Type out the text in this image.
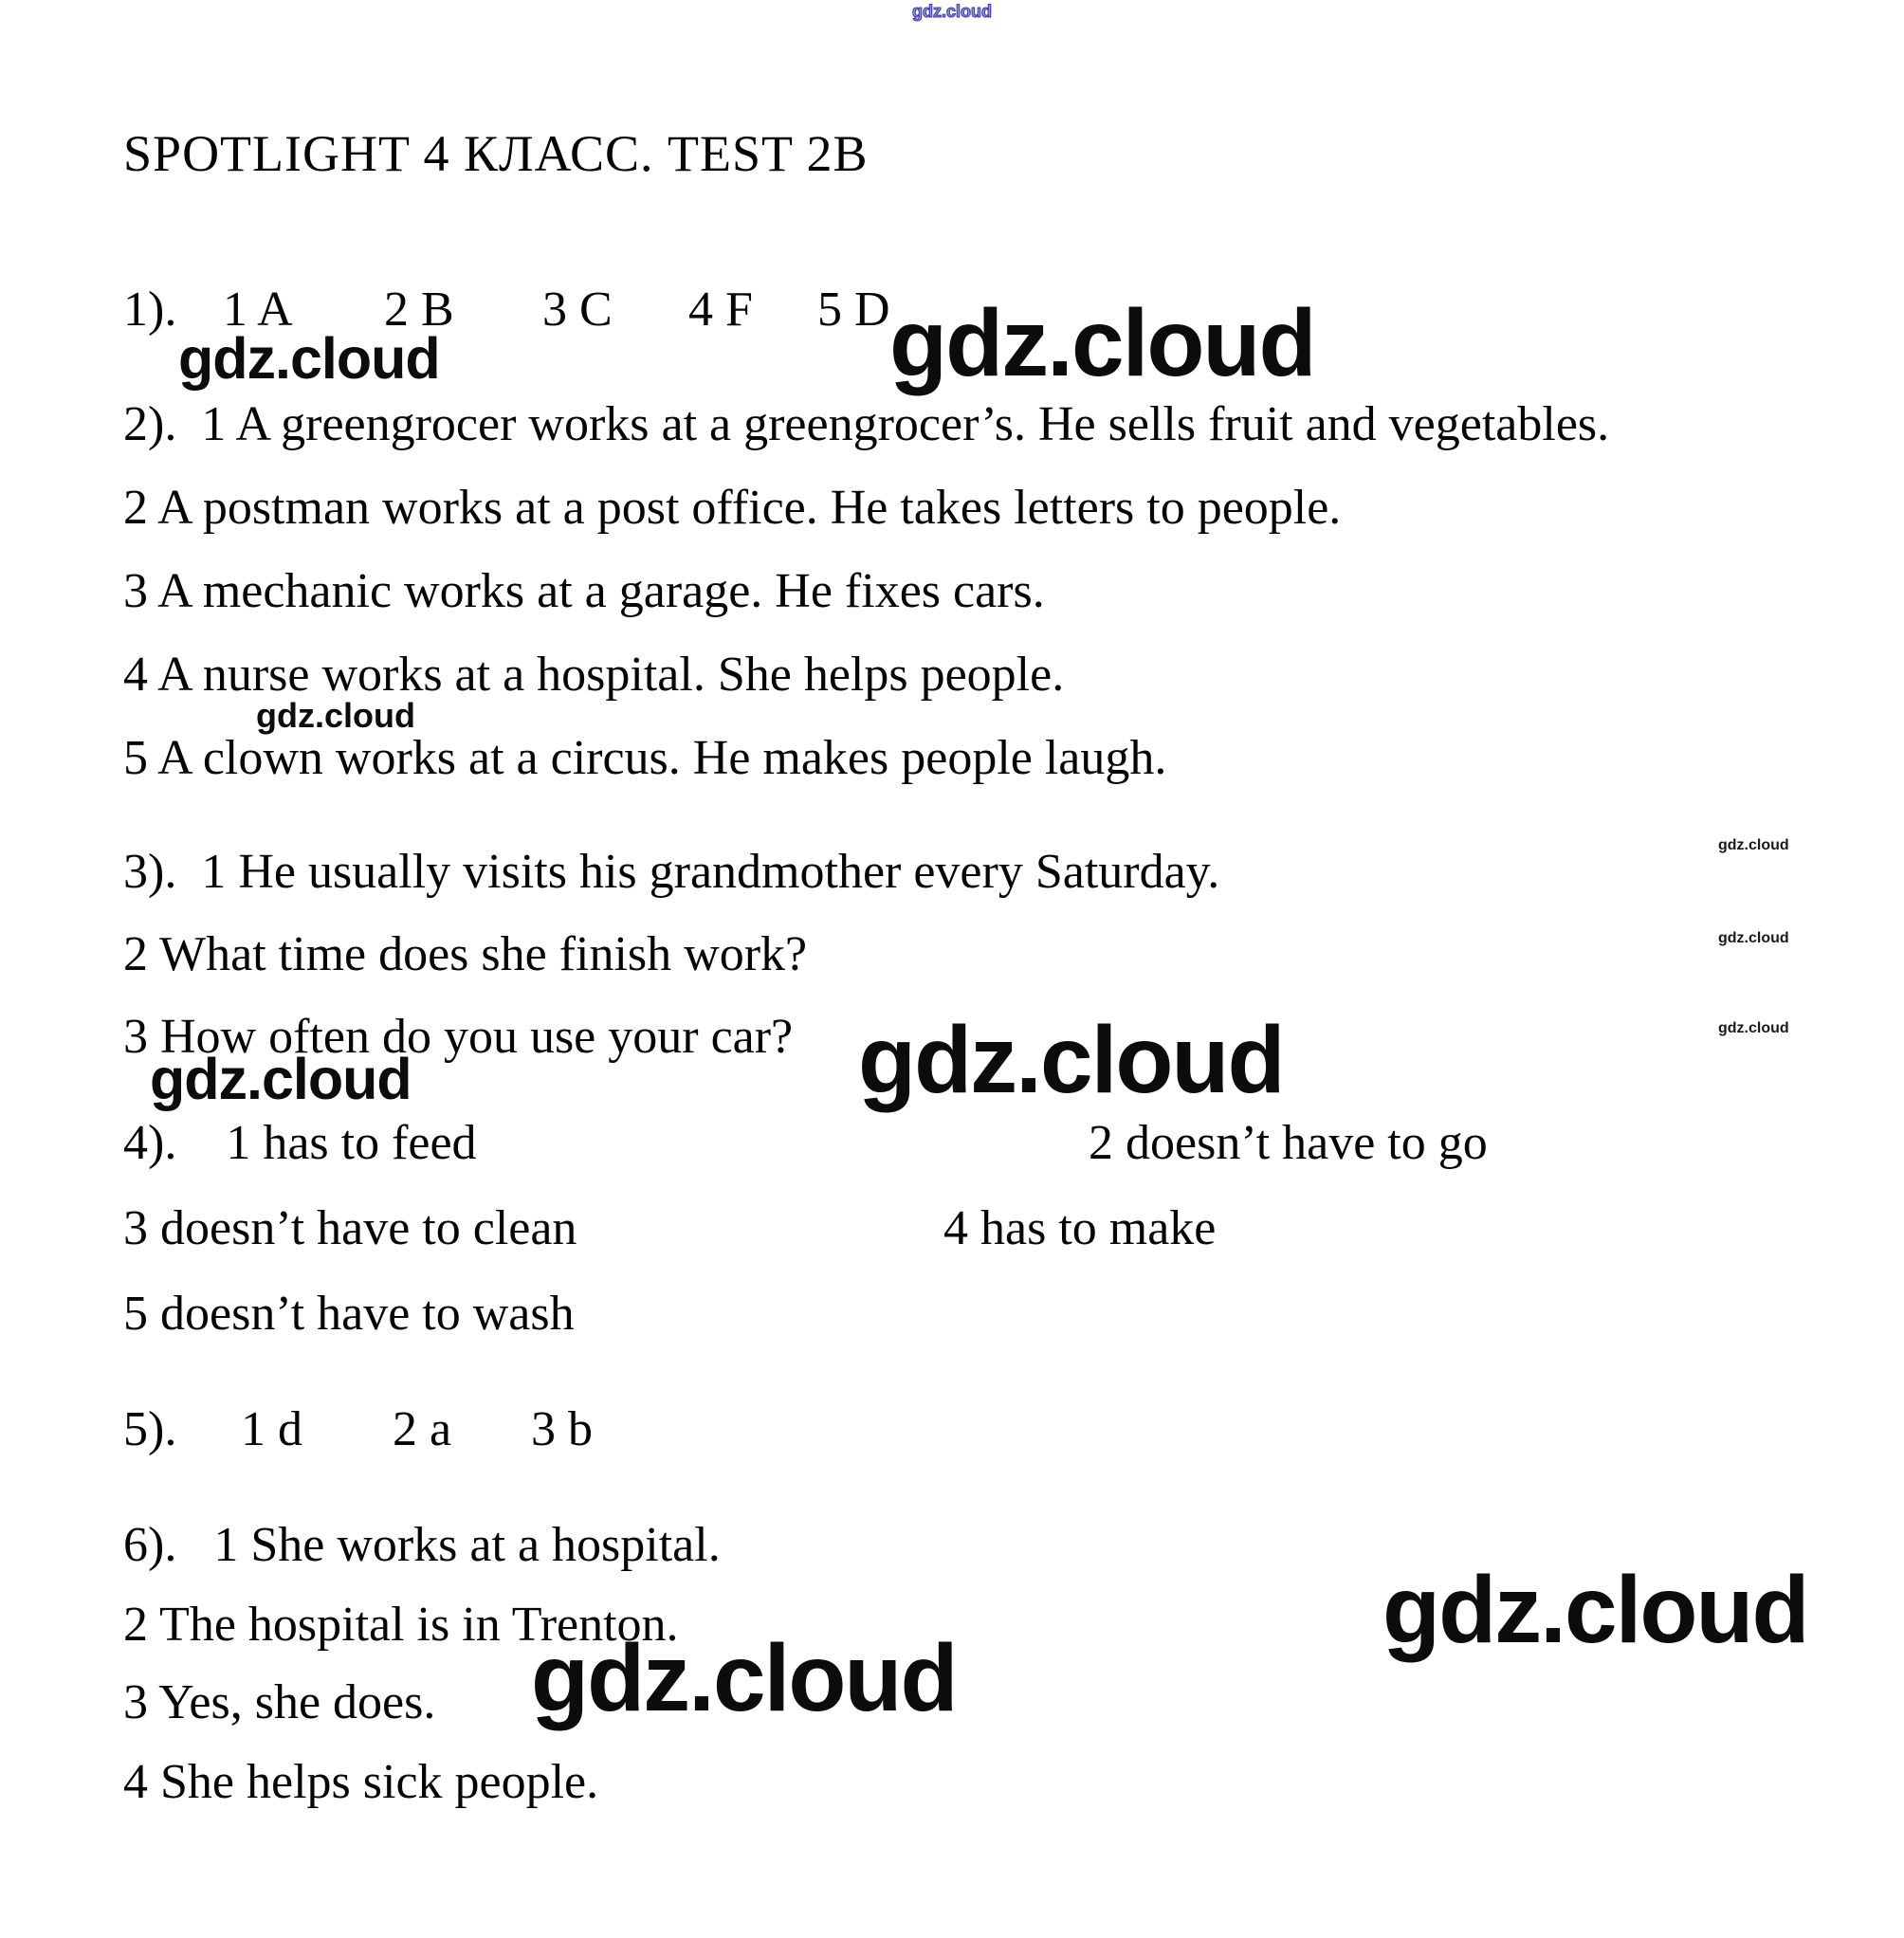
gdz.cloud
SPOTLIGHT 4 КЛАСС. TEST 2B
1). 1 A 2 B 3 C 4 F 5 D
gdz.cloud	gdz.cloud
2).  1 A greengrocer works at a greengrocer’s. He sells fruit and vegetables.
2 A postman works at a post office. He takes letters to people.
3 A mechanic works at a garage. He fixes cars.
4 A nurse works at a hospital. She helps people.
5 A clown works at a circus. He makes people laugh.
gdz.cloud
3).  1 He usually visits his grandmother every Saturday.
2 What time does she finish work?
3 How often do you use your car?
gdz.cloud
gdz.cloud
gdz.cloud
gdz.cloud
gdz.cloud
4).    1 has to feed	2 doesn’t have to go
3 doesn’t have to clean	4 has to make
5 doesn’t have to wash
5). 1 d 2 a 3 b
6).   1 She works at a hospital.
2 The hospital is in Trenton.
3 Yes, she does.
4 She helps sick people.
gdz.cloud
gdz.cloud
